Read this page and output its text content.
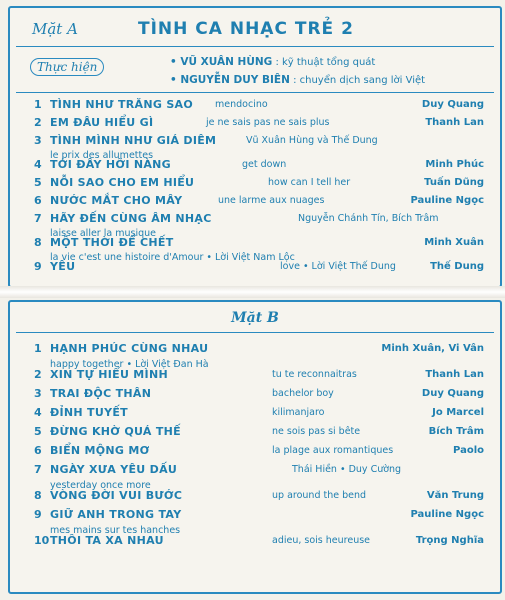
Mặt A	TÌNH CA NHẠC TRẺ 2
Thực hiện	• VŨ XUÂN HÙNG : kỹ thuật tổng quát
• NGUYỄN DUY BIÊN : chuyển dịch sang lời Việt
1 TÌNH NHƯ TRĂNG SAO mendocino	Duy Quang
2 EM ĐÂU HIỂU GÌ	je ne sais pas ne sais plus	Thanh Lan
3 TÌNH MÌNH NHƯ GIÁ DIÊM	Vũ Xuân Hùng và Thế Dung
le prix des allumettes
4 TỚI ĐÂY HỠI NÀNG	get down	Minh Phúc
5 NỖI SAO CHO EM HIỂU	how can I tell her	Tuấn Dũng
6 NƯỚC MẮT CHO MÂY	une larme aux nuages	Pauline Ngọc
7 HÃY ĐẾN CÙNG ÂM NHẠC	Nguyễn Chánh Tín, Bích Trâm
laisse aller la musique
8 MỘT THỜI ĐỂ CHẾT	Minh Xuân
la vie c'est une histoire d'Amour • Lời Việt Nam Lộc
9 YÊU	love • Lời Việt Thế Dung	Thế Dung
Mặt B
1 HẠNH PHÚC CÙNG NHAU	Minh Xuân, Vi Vân
happy together • Lời Việt Đan Hà
2 XIN TỰ HIỂU MÌNH	tu te reconnaitras	Thanh Lan
3 TRAI ĐỘC THÂN	bachelor boy	Duy Quang
4 ĐỈNH TUYẾT	kilimanjaro	Jo Marcel
5 ĐỪNG KHỜ QUÁ THẾ	ne sois pas si bête	Bích Trâm
6 BIỂN MỘNG MƠ	la plage aux romantiques	Paolo
7 NGÀY XƯA YÊU DẤU	Thái Hiền • Duy Cường
yesterday once more
8 VÒNG ĐỜI VUI BƯỚC	up around the bend	Văn Trung
9 GIỮ ANH TRONG TAY	Pauline Ngọc
mes mains sur tes hanches
10 THÔI TA XA NHAU	adieu, sois heureuse	Trọng Nghĩa
